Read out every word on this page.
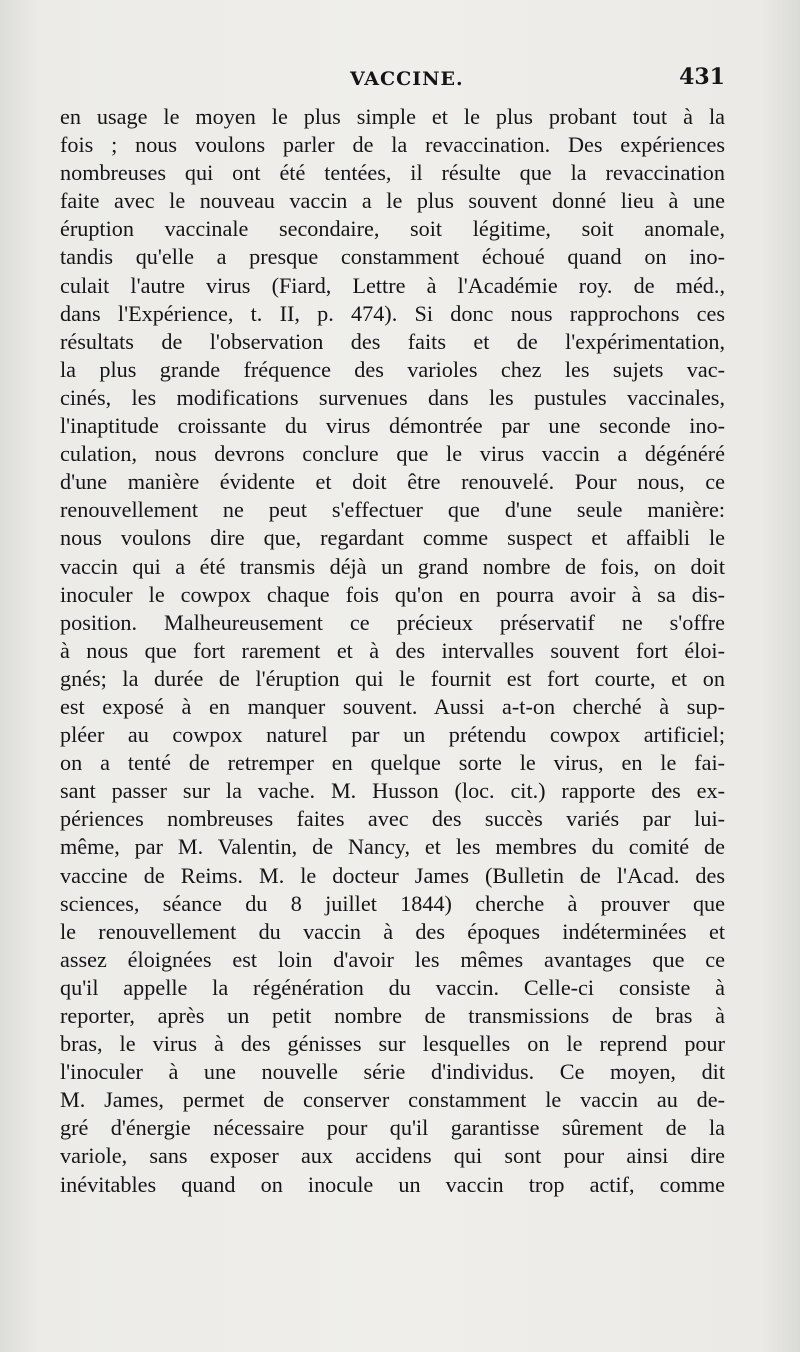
VACCINE.	431
en usage le moyen le plus simple et le plus probant tout à la
fois ; nous voulons parler de la revaccination. Des expériences
nombreuses qui ont été tentées, il résulte que la revaccination
faite avec le nouveau vaccin a le plus souvent donné lieu à une
éruption vaccinale secondaire, soit légitime, soit anomale,
tandis qu'elle a presque constamment échoué quand on ino-
culait l'autre virus (Fiard, Lettre à l'Académie roy. de méd.,
dans l'Expérience, t. II, p. 474). Si donc nous rapprochons ces
résultats de l'observation des faits et de l'expérimentation,
la plus grande fréquence des varioles chez les sujets vac-
cinés, les modifications survenues dans les pustules vaccinales,
l'inaptitude croissante du virus démontrée par une seconde ino-
culation, nous devrons conclure que le virus vaccin a dégénéré
d'une manière évidente et doit être renouvelé. Pour nous, ce
renouvellement ne peut s'effectuer que d'une seule manière:
nous voulons dire que, regardant comme suspect et affaibli le
vaccin qui a été transmis déjà un grand nombre de fois, on doit
inoculer le cowpox chaque fois qu'on en pourra avoir à sa dis-
position. Malheureusement ce précieux préservatif ne s'offre
à nous que fort rarement et à des intervalles souvent fort éloi-
gnés; la durée de l'éruption qui le fournit est fort courte, et on
est exposé à en manquer souvent. Aussi a-t-on cherché à sup-
pléer au cowpox naturel par un prétendu cowpox artificiel;
on a tenté de retremper en quelque sorte le virus, en le fai-
sant passer sur la vache. M. Husson (loc. cit.) rapporte des ex-
périences nombreuses faites avec des succès variés par lui-
même, par M. Valentin, de Nancy, et les membres du comité de
vaccine de Reims. M. le docteur James (Bulletin de l'Acad. des
sciences, séance du 8 juillet 1844) cherche à prouver que
le renouvellement du vaccin à des époques indéterminées et
assez éloignées est loin d'avoir les mêmes avantages que ce
qu'il appelle la régénération du vaccin. Celle-ci consiste à
reporter, après un petit nombre de transmissions de bras à
bras, le virus à des génisses sur lesquelles on le reprend pour
l'inoculer à une nouvelle série d'individus. Ce moyen, dit
M. James, permet de conserver constamment le vaccin au de-
gré d'énergie nécessaire pour qu'il garantisse sûrement de la
variole, sans exposer aux accidens qui sont pour ainsi dire
inévitables quand on inocule un vaccin trop actif, comme
